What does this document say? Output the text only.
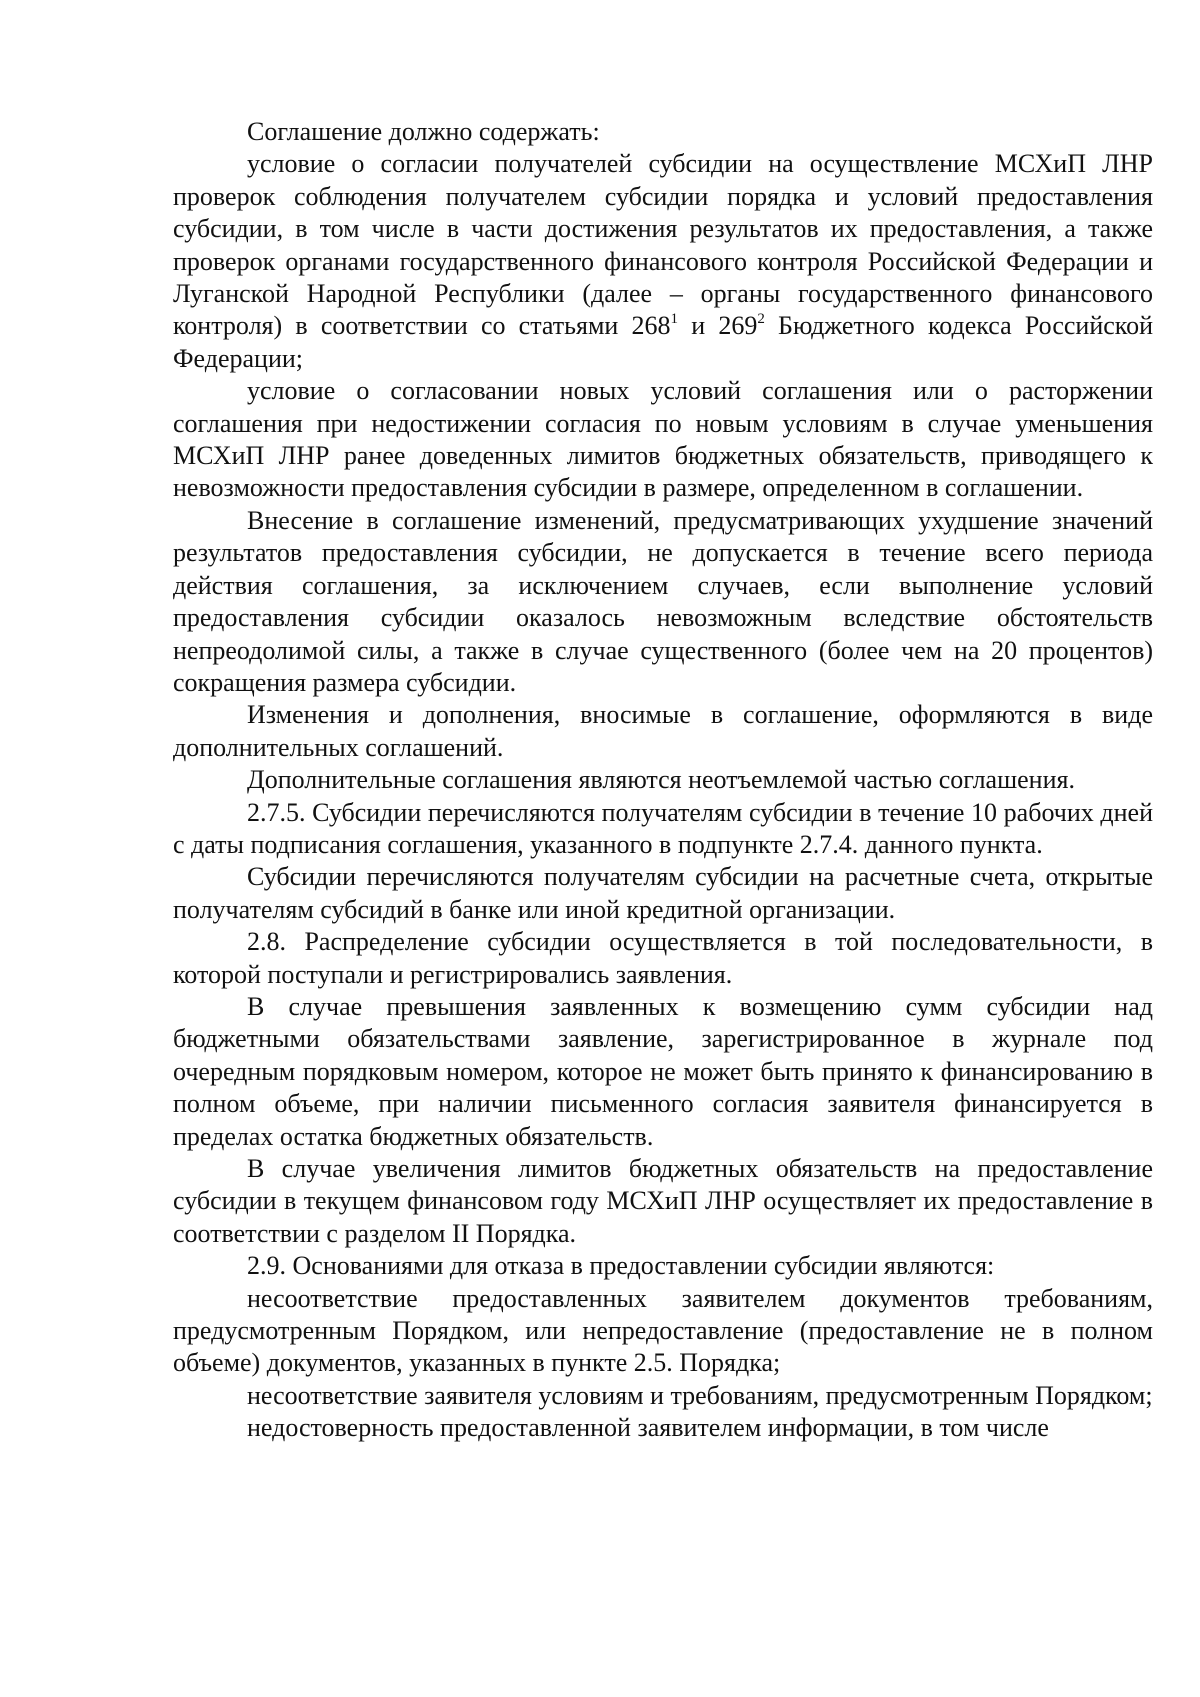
Соглашение должно содержать:

условие о согласии получателей субсидии на осуществление МСХиП ЛНР проверок соблюдения получателем субсидии порядка и условий предоставления субсидии, в том числе в части достижения результатов их предоставления, а также проверок органами государственного финансового контроля Российской Федерации и Луганской Народной Республики (далее – органы государственного финансового контроля) в соответствии со статьями $268^1$ и $269^2$ Бюджетного кодекса Российской Федерации;

условие о согласовании новых условий соглашения или о расторжении соглашения при недостижении согласия по новым условиям в случае уменьшения МСХиП ЛНР ранее доведенных лимитов бюджетных обязательств, приводящего к невозможности предоставления субсидии в размере, определенном в соглашении.

Внесение в соглашение изменений, предусматривающих ухудшение значений результатов предоставления субсидии, не допускается в течение всего периода действия соглашения, за исключением случаев, если выполнение условий предоставления субсидии оказалось невозможным вследствие обстоятельств непреодолимой силы, а также в случае существенного (более чем на 20 процентов) сокращения размера субсидии.

Изменения и дополнения, вносимые в соглашение, оформляются в виде дополнительных соглашений.

Дополнительные соглашения являются неотъемлемой частью соглашения.

2.7.5. Субсидии перечисляются получателям субсидии в течение 10 рабочих дней с даты подписания соглашения, указанного в подпункте 2.7.4. данного пункта.

Субсидии перечисляются получателям субсидии на расчетные счета, открытые получателям субсидий в банке или иной кредитной организации.

2.8. Распределение субсидии осуществляется в той последовательности, в которой поступали и регистрировались заявления.

В случае превышения заявленных к возмещению сумм субсидии над бюджетными обязательствами заявление, зарегистрированное в журнале под очередным порядковым номером, которое не может быть принято к финансированию в полном объеме, при наличии письменного согласия заявителя финансируется в пределах остатка бюджетных обязательств.

В случае увеличения лимитов бюджетных обязательств на предоставление субсидии в текущем финансовом году МСХиП ЛНР осуществляет их предоставление в соответствии с разделом II Порядка.

2.9. Основаниями для отказа в предоставлении субсидии являются:

несоответствие предоставленных заявителем документов требованиям, предусмотренным Порядком, или непредоставление (предоставление не в полном объеме) документов, указанных в пункте 2.5. Порядка;

несоответствие заявителя условиям и требованиям, предусмотренным Порядком;

недостоверность предоставленной заявителем информации, в том числе
